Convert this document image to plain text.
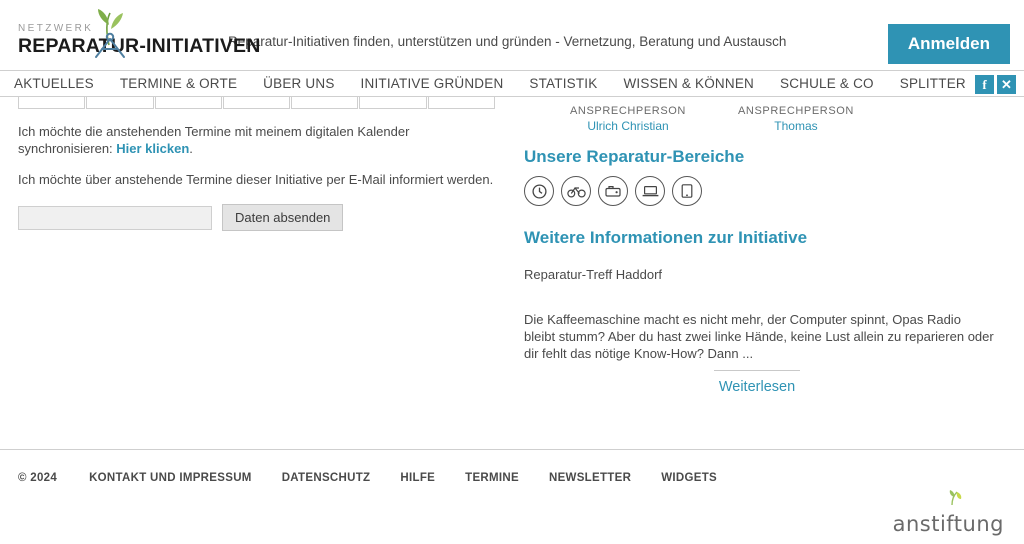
NETZWERK
REPARATUR-INITIATIVEN
Reparatur-Initiativen finden, unterstützen und gründen - Vernetzung, Beratung und Austausch	Anmelden
AKTUELLES TERMINE & ORTE ÜBER UNS INITIATIVE GRÜNDEN STATISTIK WISSEN & KÖNNEN SCHULE & CO SPLITTER	f	✕
Ich möchte die anstehenden Termine mit meinem digitalen Kalender synchronisieren: Hier klicken.
Ich möchte über anstehende Termine dieser Initiative per E-Mail informiert werden.
Daten absenden
ANSPRECHPERSON
Ulrich Christian
ANSPRECHPERSON
Thomas
Unsere Reparatur-Bereiche
Weitere Informationen zur Initiative
Reparatur-Treff Haddorf
Die Kaffeemaschine macht es nicht mehr, der Computer spinnt, Opas Radio bleibt stumm? Aber du hast zwei linke Hände, keine Lust allein zu reparieren oder dir fehlt das nötige Know-How? Dann ...
Weiterlesen
© 2024	KONTAKT UND IMPRESSUM	DATENSCHUTZ	HILFE	TERMINE	NEWSLETTER	WIDGETS
anstiftung
